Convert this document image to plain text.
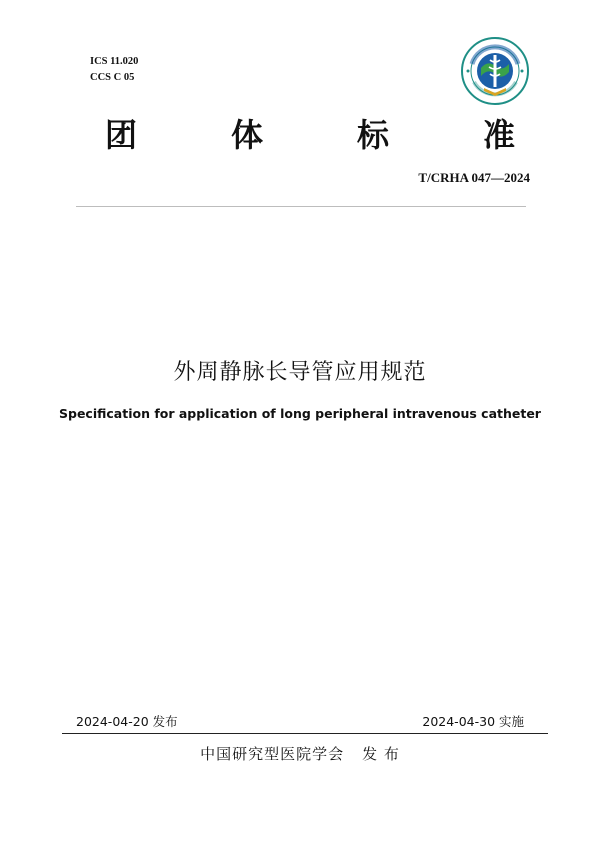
ICS 11.020
CCS C 05
团	体	标	准
T/CRHA 047—2024
外周静脉长导管应用规范
Specification for application of long peripheral intravenous catheter
2024-04-20 发布	2024-04-30 实施
中国研究型医院学会 发 布
